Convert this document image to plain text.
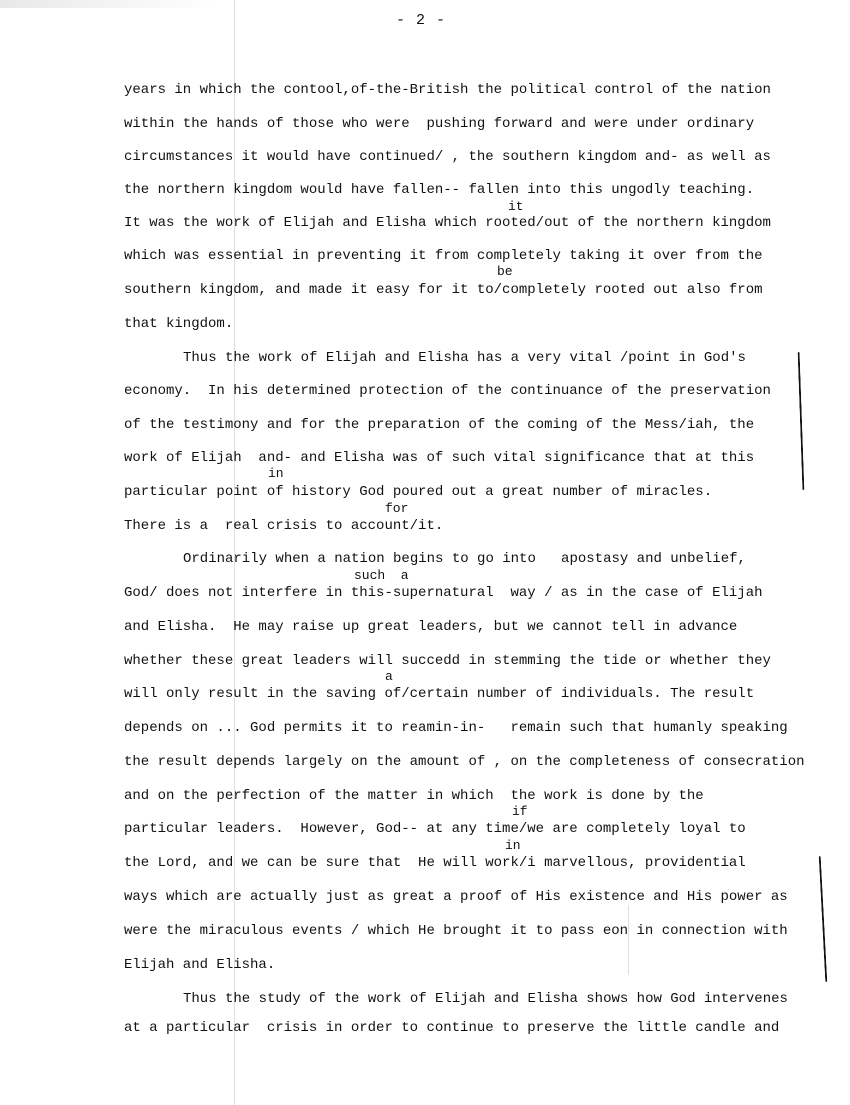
- 2 -
years in which the contool,of-the-British the political control of the nation
within the hands of those who were  pushing forward and were under ordinary
circumstances it would have continued/ , the southern kingdom and- as well as
the northern kingdom would have fallen-- fallen into this ungodly teaching.
it
It was the work of Elijah and Elisha which rooted/out of the northern kingdom
which was essential in preventing it from completely taking it over from the
be
southern kingdom, and made it easy for it to/completely rooted out also from
that kingdom.
Thus the work of Elijah and Elisha has a very vital /point in God's
economy.  In his determined protection of the continuance of the preservation
of the testimony and for the preparation of the coming of the Mess/iah, the
work of Elijah  and- and Elisha was of such vital significance that at this
in
particular point of history God poured out a great number of miracles.
for
There is a  real crisis to account/it.
Ordinarily when a nation begins to go into   apostasy and unbelief,
such  a
God/ does not interfere in this-supernatural  way / as in the case of Elijah
and Elisha.  He may raise up great leaders, but we cannot tell in advance
whether these great leaders will succedd in stemming the tide or whether they
a
will only result in the saving of/certain number of individuals. The result
depends on ... God permits it to reamin-in-   remain such that humanly speaking
the result depends largely on the amount of , on the completeness of consecration
and on the perfection of the matter in which  the work is done by the
if
particular leaders.  However, God-- at any time/we are completely loyal to
in
the Lord, and we can be sure that  He will work/i marvellous, providential
ways which are actually just as great a proof of His existence and His power as
were the miraculous events / which He brought it to pass eon in connection with
Elijah and Elisha.
Thus the study of the work of Elijah and Elisha shows how God intervenes
at a particular  crisis in order to continue to preserve the little candle and
